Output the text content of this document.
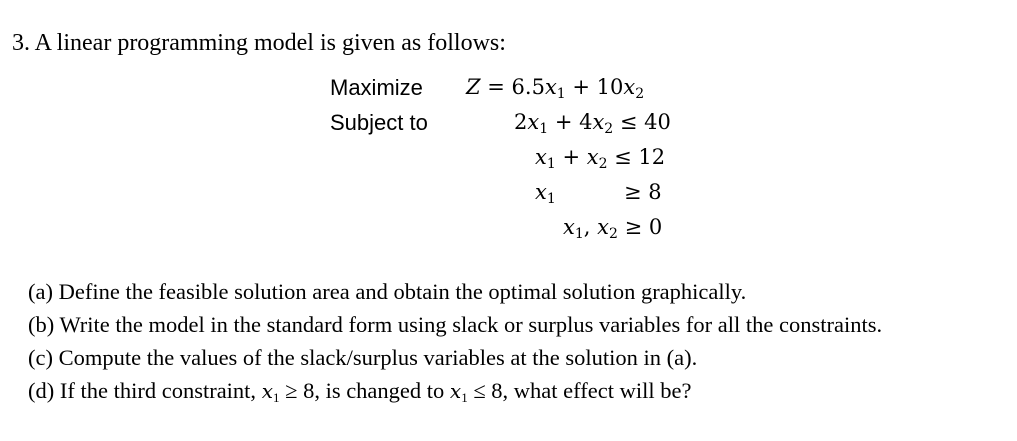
3. A linear programming model is given as follows:
Maximize
Subject to
$Z = 6.5x_1 + 10x_2$
$2x_1 + 4x_2 \le 40$
$x_1 + x_2 \le 12$
$x_1$	≥ 8
$x_1$, $x_2 \ge 0$
(a) Define the feasible solution area and obtain the optimal solution graphically.
(b) Write the model in the standard form using slack or surplus variables for all the constraints.
(c) Compute the values of the slack/surplus variables at the solution in (a).
(d) If the third constraint, $x_1 \ge 8$, is changed to $x_1 \le 8$, what effect will be?
